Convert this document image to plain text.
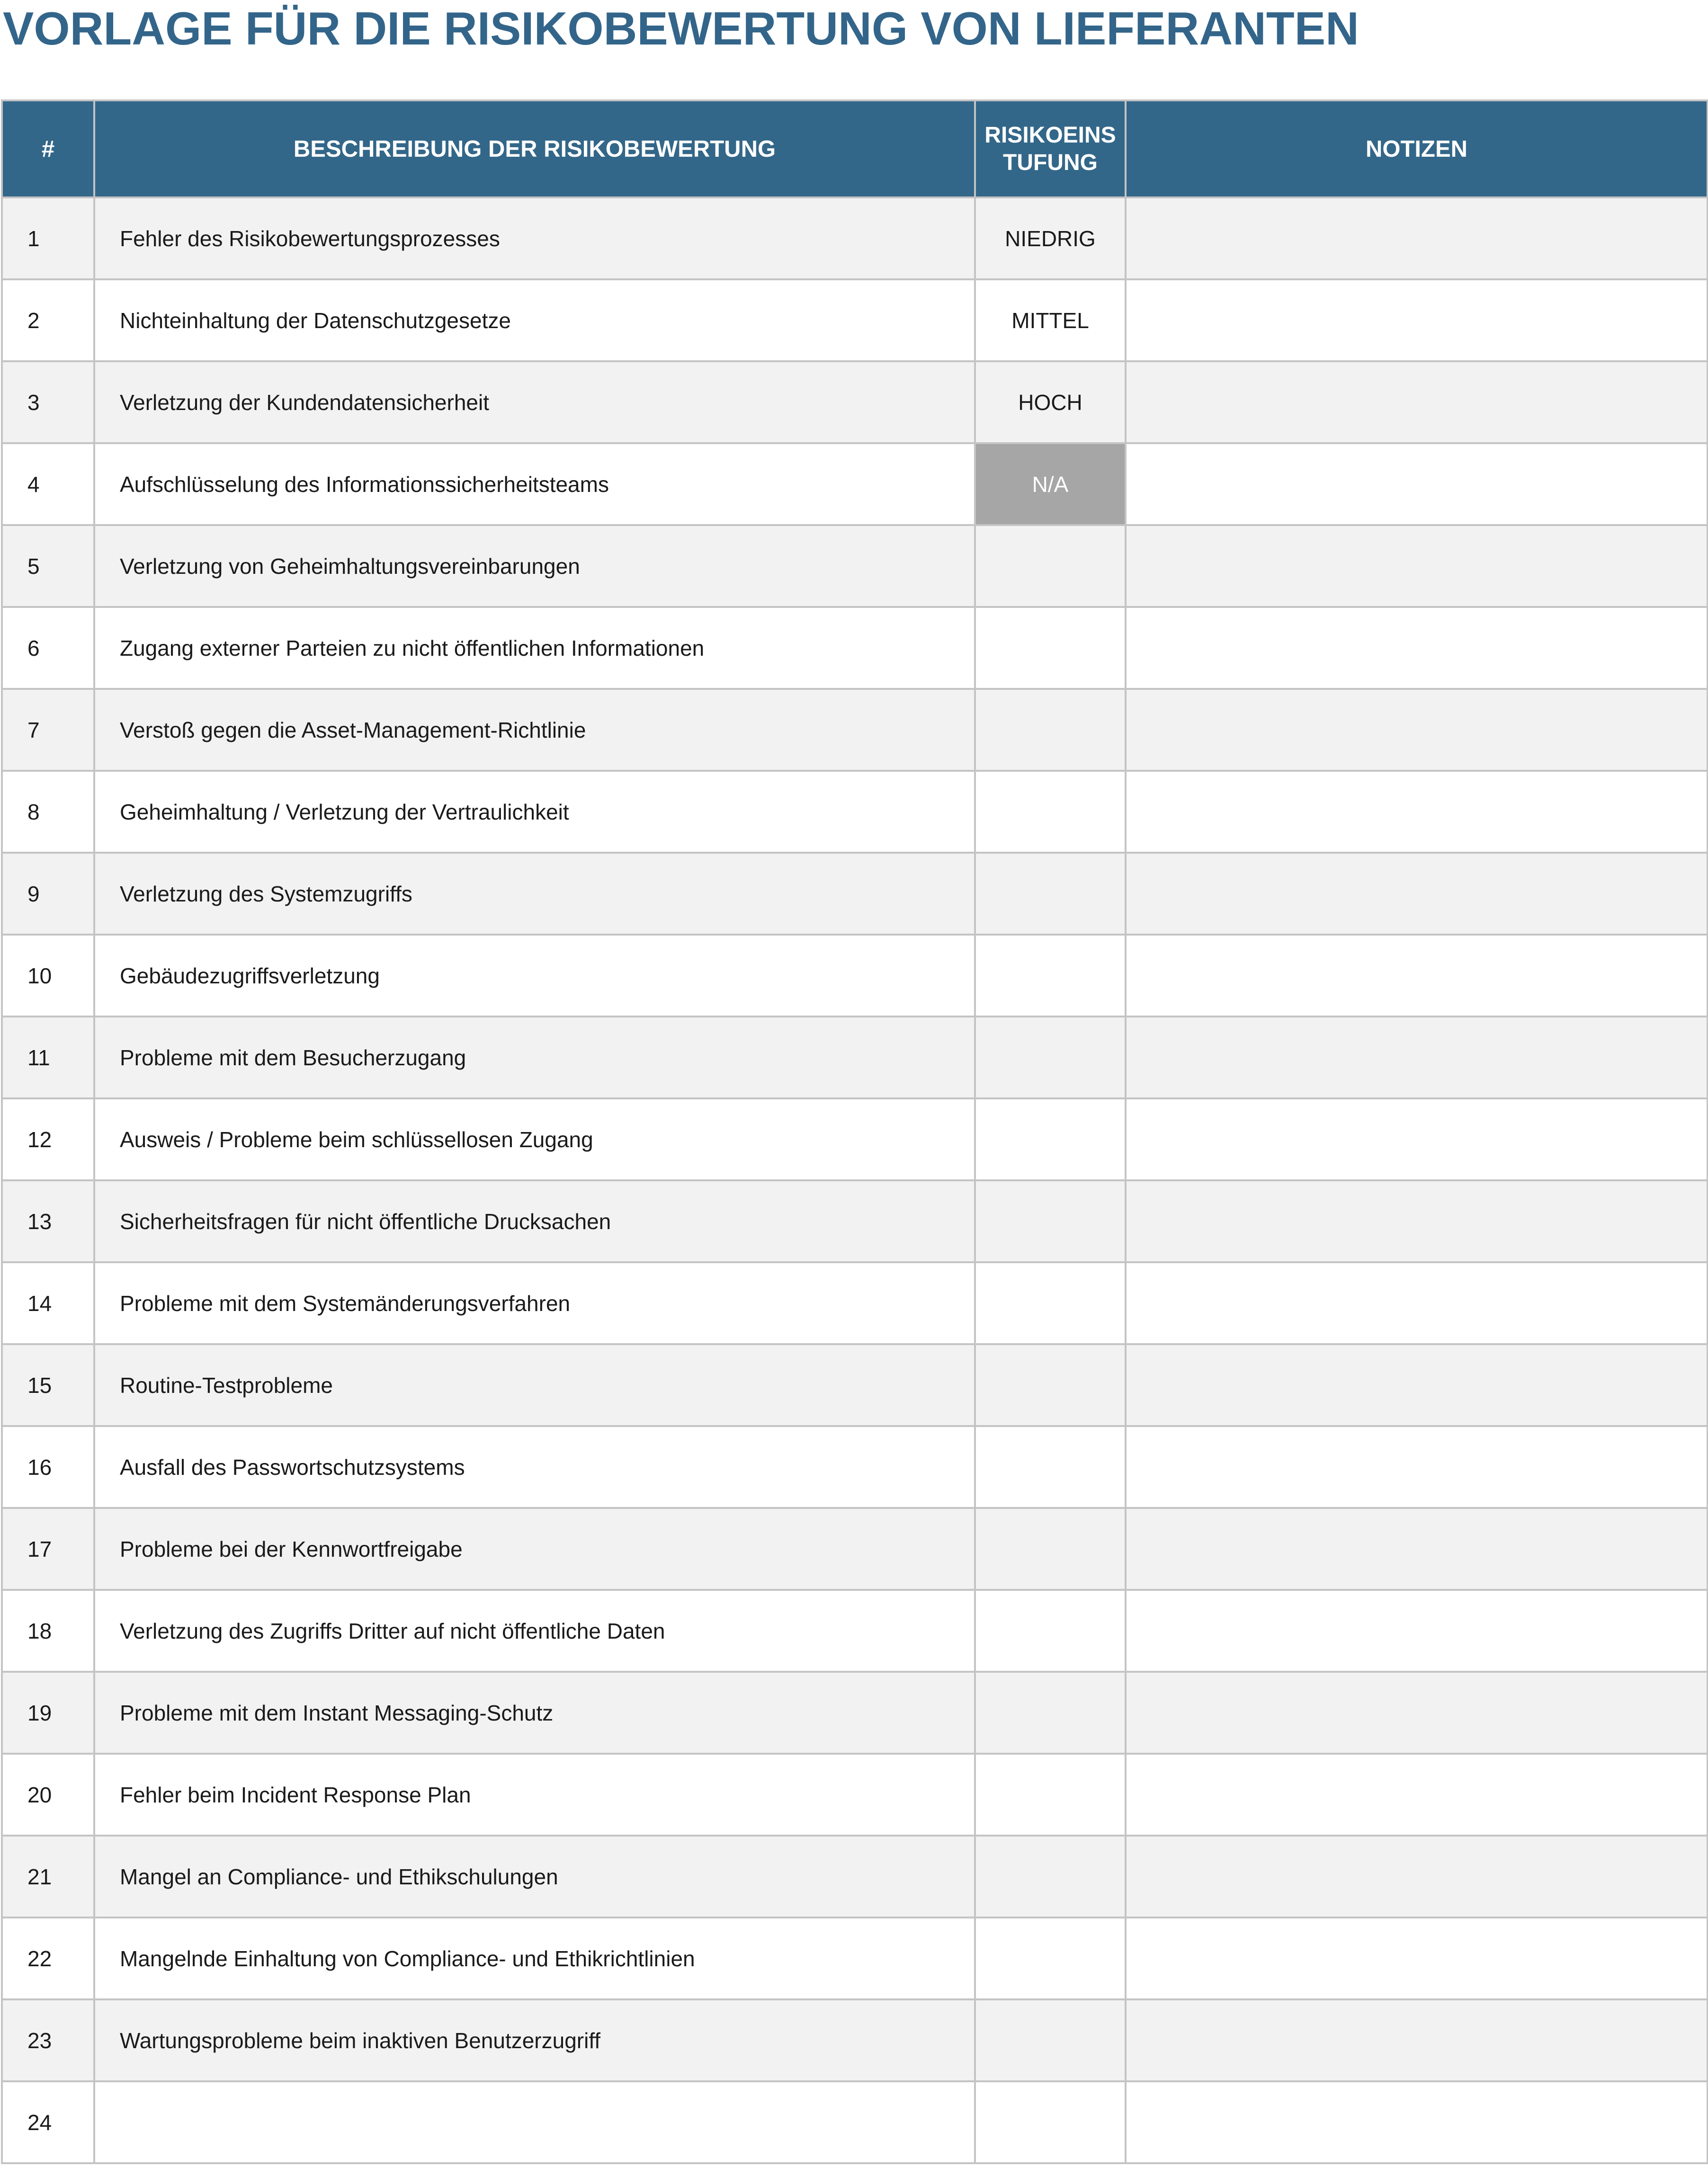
VORLAGE FÜR DIE RISIKOBEWERTUNG VON LIEFERANTEN
#	BESCHREIBUNG DER RISIKOBEWERTUNG	RISIKOEINSTUFUNG	NOTIZEN
1	Fehler des Risikobewertungsprozesses	NIEDRIG	
2	Nichteinhaltung der Datenschutzgesetze	MITTEL	
3	Verletzung der Kundendatensicherheit	HOCH	
4	Aufschlüsselung des Informationssicherheitsteams	N/A	
5	Verletzung von Geheimhaltungsvereinbarungen		
6	Zugang externer Parteien zu nicht öffentlichen Informationen		
7	Verstoß gegen die Asset-Management-Richtlinie		
8	Geheimhaltung / Verletzung der Vertraulichkeit		
9	Verletzung des Systemzugriffs		
10	Gebäudezugriffsverletzung		
11	Probleme mit dem Besucherzugang		
12	Ausweis / Probleme beim schlüssellosen Zugang		
13	Sicherheitsfragen für nicht öffentliche Drucksachen		
14	Probleme mit dem Systemänderungsverfahren		
15	Routine-Testprobleme		
16	Ausfall des Passwortschutzsystems		
17	Probleme bei der Kennwortfreigabe		
18	Verletzung des Zugriffs Dritter auf nicht öffentliche Daten		
19	Probleme mit dem Instant Messaging-Schutz		
20	Fehler beim Incident Response Plan		
21	Mangel an Compliance- und Ethikschulungen		
22	Mangelnde Einhaltung von Compliance- und Ethikrichtlinien		
23	Wartungsprobleme beim inaktiven Benutzerzugriff		
24			
